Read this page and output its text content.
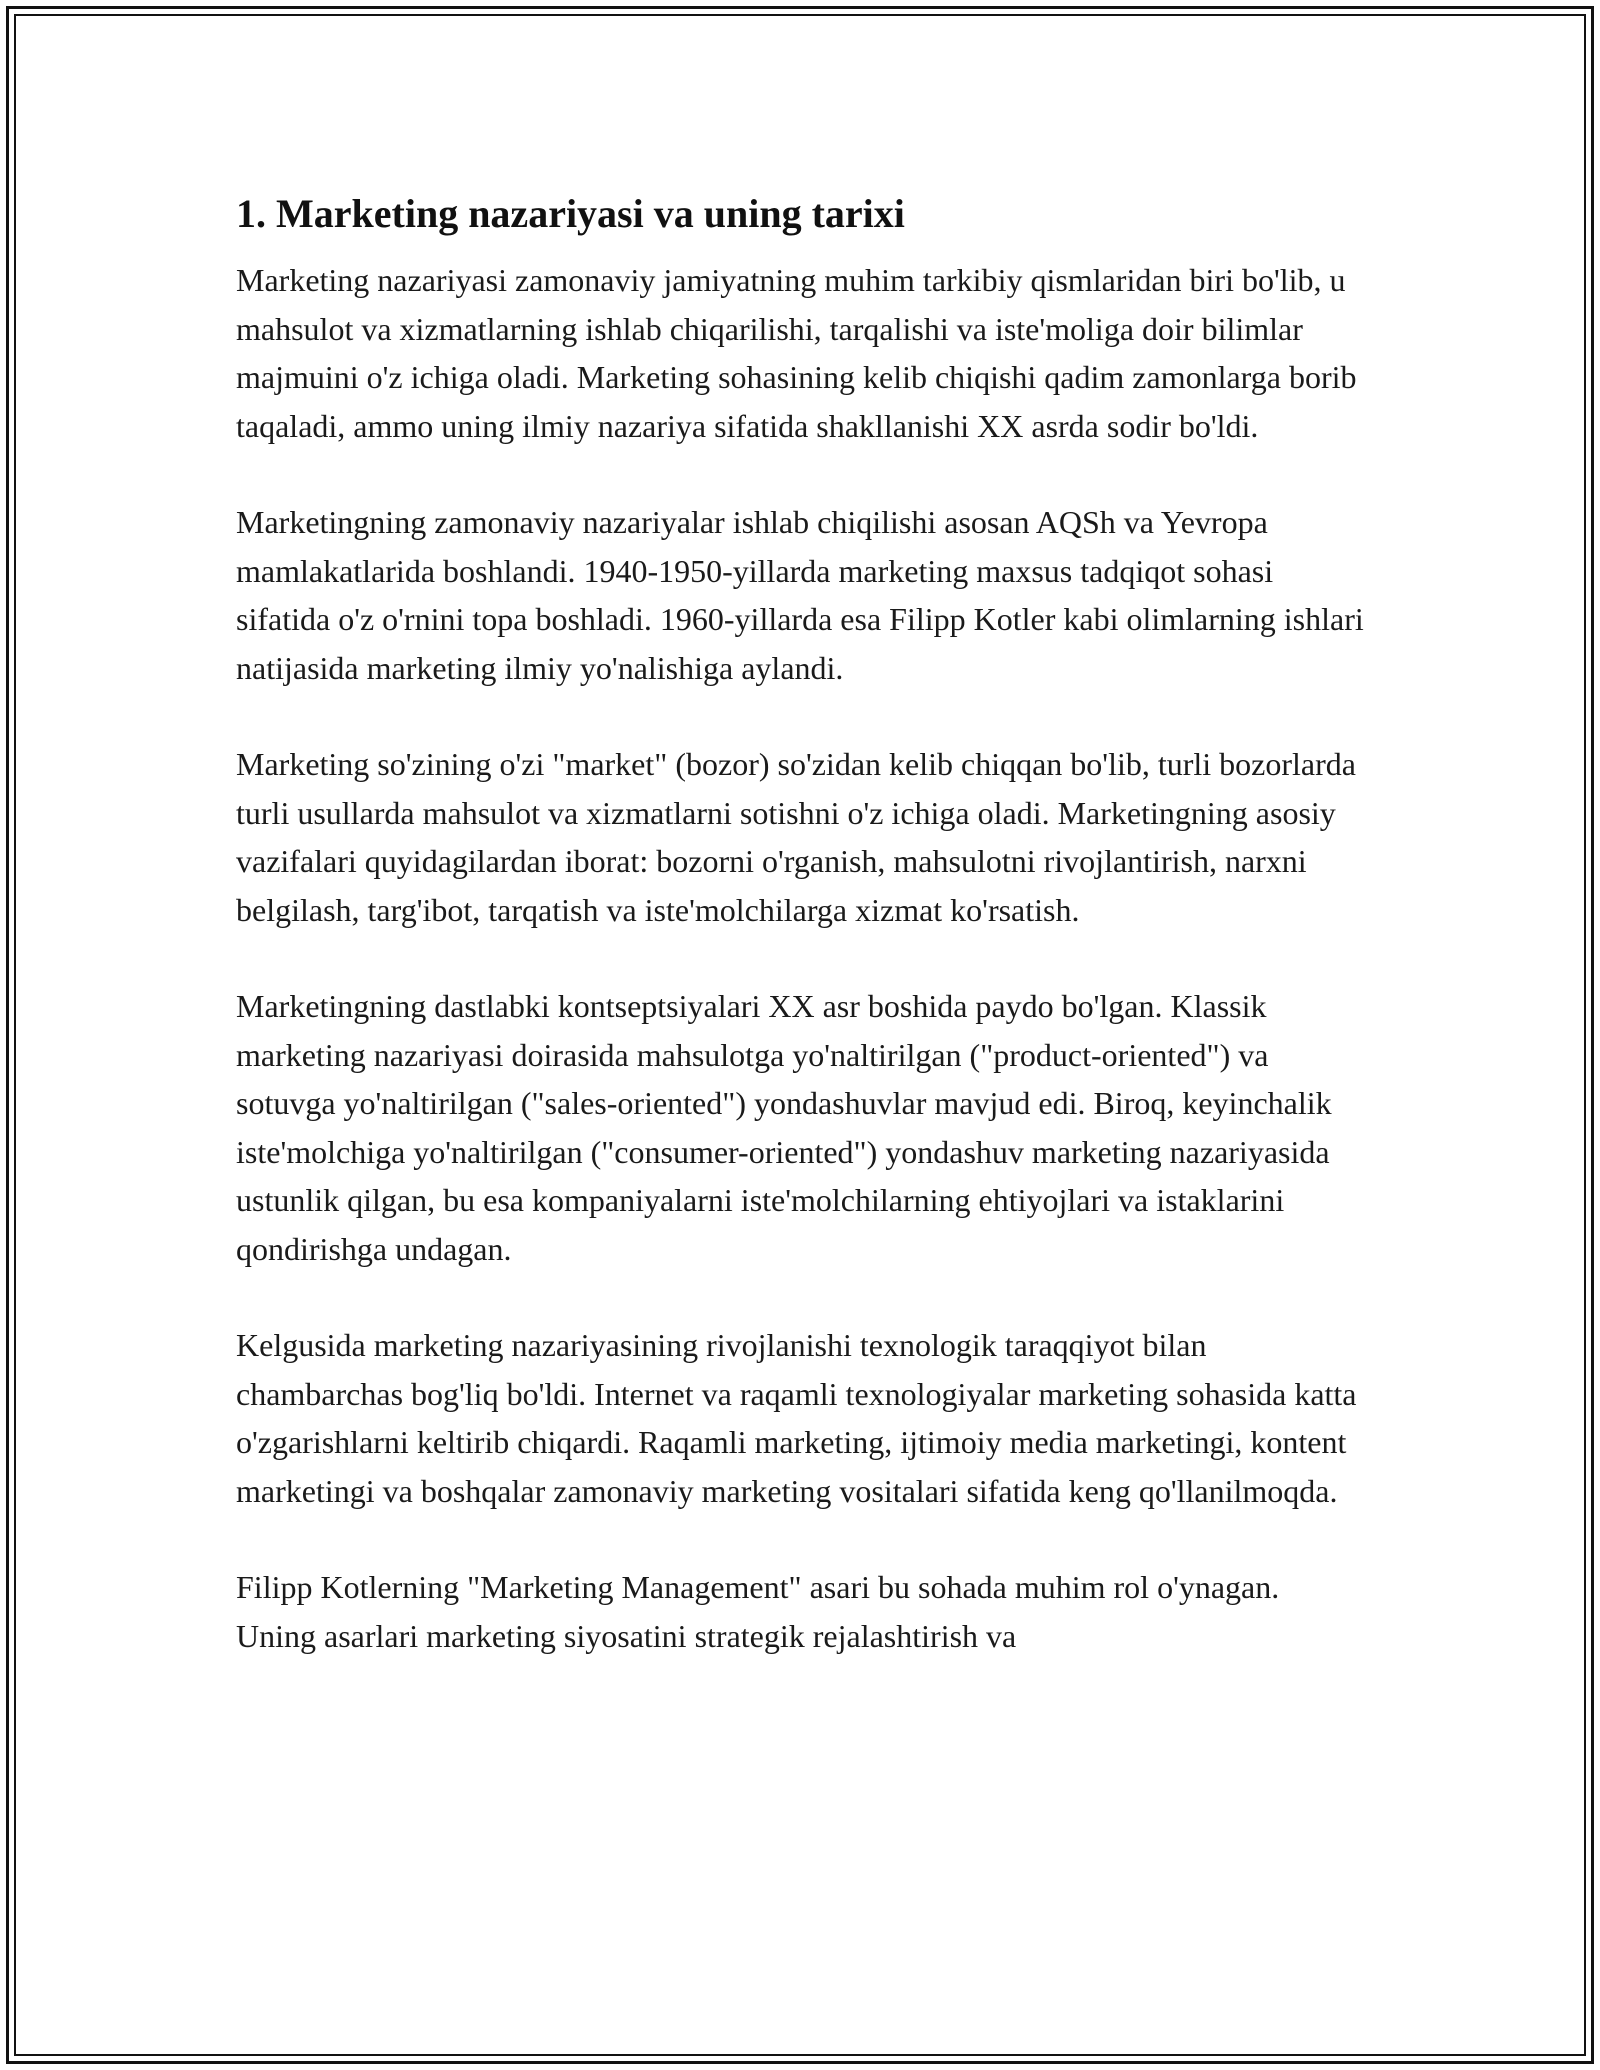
1. Marketing nazariyasi va uning tarixi

Marketing nazariyasi zamonaviy jamiyatning muhim tarkibiy qismlaridan biri bo'lib, u mahsulot va xizmatlarning ishlab chiqarilishi, tarqalishi va iste'moliga doir bilimlar majmuini o'z ichiga oladi. Marketing sohasining kelib chiqishi qadim zamonlarga borib taqaladi, ammo uning ilmiy nazariya sifatida shakllanishi XX asrda sodir bo'ldi.

Marketingning zamonaviy nazariyalar ishlab chiqilishi asosan AQSh va Yevropa mamlakatlarida boshlandi. 1940-1950-yillarda marketing maxsus tadqiqot sohasi sifatida o'z o'rnini topa boshladi. 1960-yillarda esa Filipp Kotler kabi olimlarning ishlari natijasida marketing ilmiy yo'nalishiga aylandi.

Marketing so'zining o'zi "market" (bozor) so'zidan kelib chiqqan bo'lib, turli bozorlarda turli usullarda mahsulot va xizmatlarni sotishni o'z ichiga oladi. Marketingning asosiy vazifalari quyidagilardan iborat: bozorni o'rganish, mahsulotni rivojlantirish, narxni belgilash, targ'ibot, tarqatish va iste'molchilarga xizmat ko'rsatish.

Marketingning dastlabki kontseptsiyalari XX asr boshida paydo bo'lgan. Klassik marketing nazariyasi doirasida mahsulotga yo'naltirilgan ("product-oriented") va sotuvga yo'naltirilgan ("sales-oriented") yondashuvlar mavjud edi. Biroq, keyinchalik iste'molchiga yo'naltirilgan ("consumer-oriented") yondashuv marketing nazariyasida ustunlik qilgan, bu esa kompaniyalarni iste'molchilarning ehtiyojlari va istaklarini qondirishga undagan.

Kelgusida marketing nazariyasining rivojlanishi texnologik taraqqiyot bilan chambarchas bog'liq bo'ldi. Internet va raqamli texnologiyalar marketing sohasida katta o'zgarishlarni keltirib chiqardi. Raqamli marketing, ijtimoiy media marketingi, kontent marketingi va boshqalar zamonaviy marketing vositalari sifatida keng qo'llanilmoqda.

Filipp Kotlerning "Marketing Management" asari bu sohada muhim rol o'ynagan. Uning asarlari marketing siyosatini strategik rejalashtirish va
